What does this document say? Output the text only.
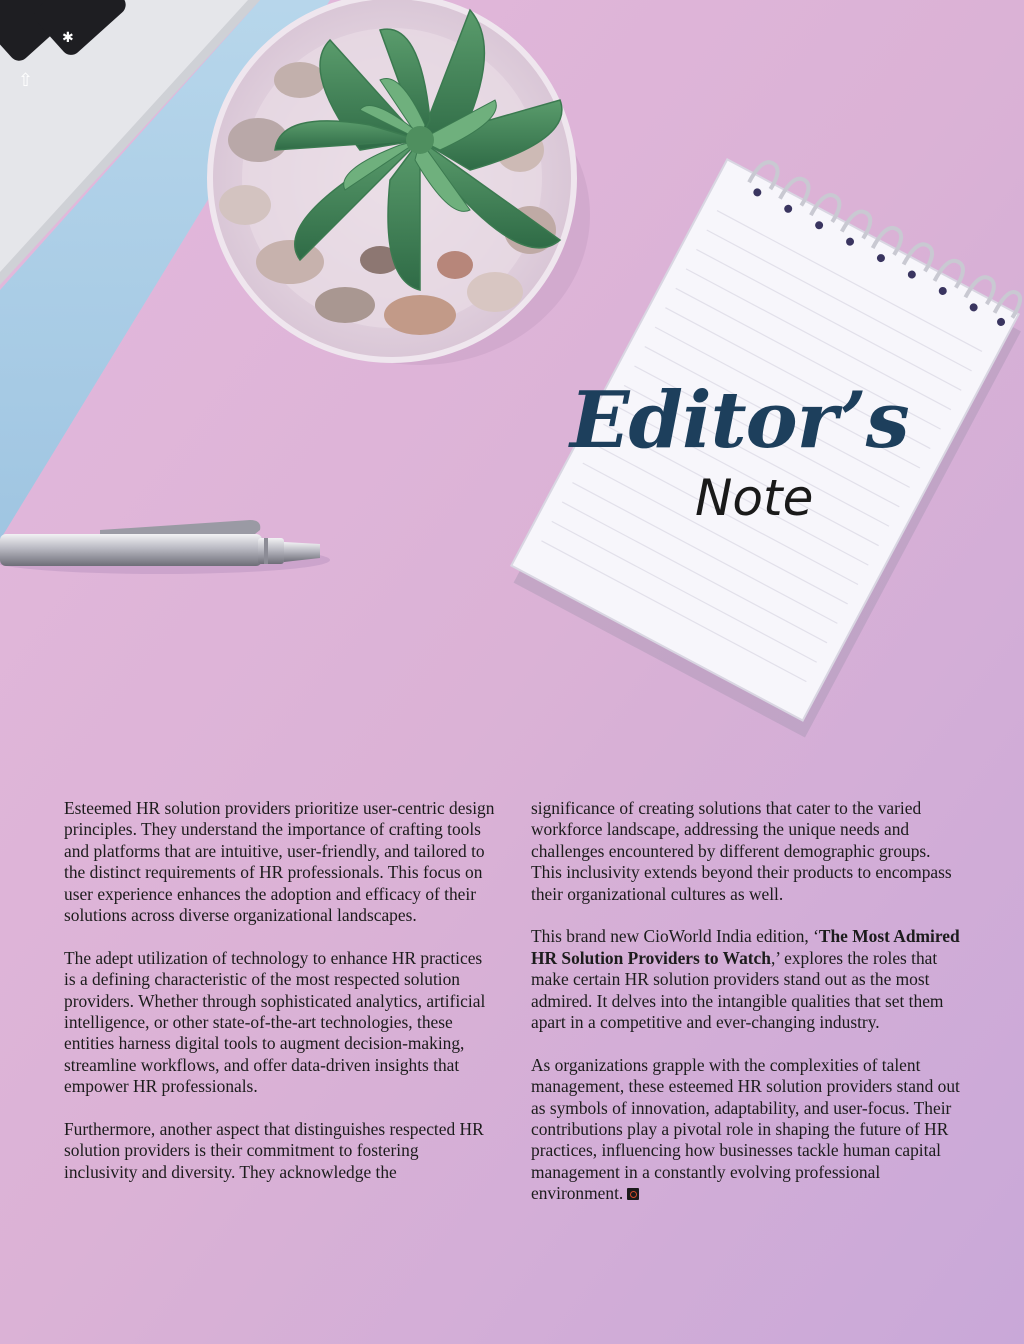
✱
⇧
Editor’s
Note

Esteemed HR solution providers prioritize user-centric design principles. They understand the importance of crafting tools and platforms that are intuitive, user-friendly, and tailored to the distinct requirements of HR professionals. This focus on user experience enhances the adoption and efficacy of their solutions across diverse organizational landscapes.

The adept utilization of technology to enhance HR practices is a defining characteristic of the most respected solution providers. Whether through sophisticated analytics, artificial intelligence, or other state-of-the-art technologies, these entities harness digital tools to augment decision-making, streamline workflows, and offer data-driven insights that empower HR professionals.

Furthermore, another aspect that distinguishes respected HR solution providers is their commitment to fostering inclusivity and diversity. They acknowledge the

significance of creating solutions that cater to the varied workforce landscape, addressing the unique needs and challenges encountered by different demographic groups. This inclusivity extends beyond their products to encompass their organizational cultures as well.

This brand new CioWorld India edition, ‘The Most Admired HR Solution Providers to Watch,’ explores the roles that make certain HR solution providers stand out as the most admired. It delves into the intangible qualities that set them apart in a competitive and ever-changing industry.

As organizations grapple with the complexities of talent management, these esteemed HR solution providers stand out as symbols of innovation, adaptability, and user-focus. Their contributions play a pivotal role in shaping the future of HR practices, influencing how businesses tackle human capital management in a constantly evolving professional environment.
